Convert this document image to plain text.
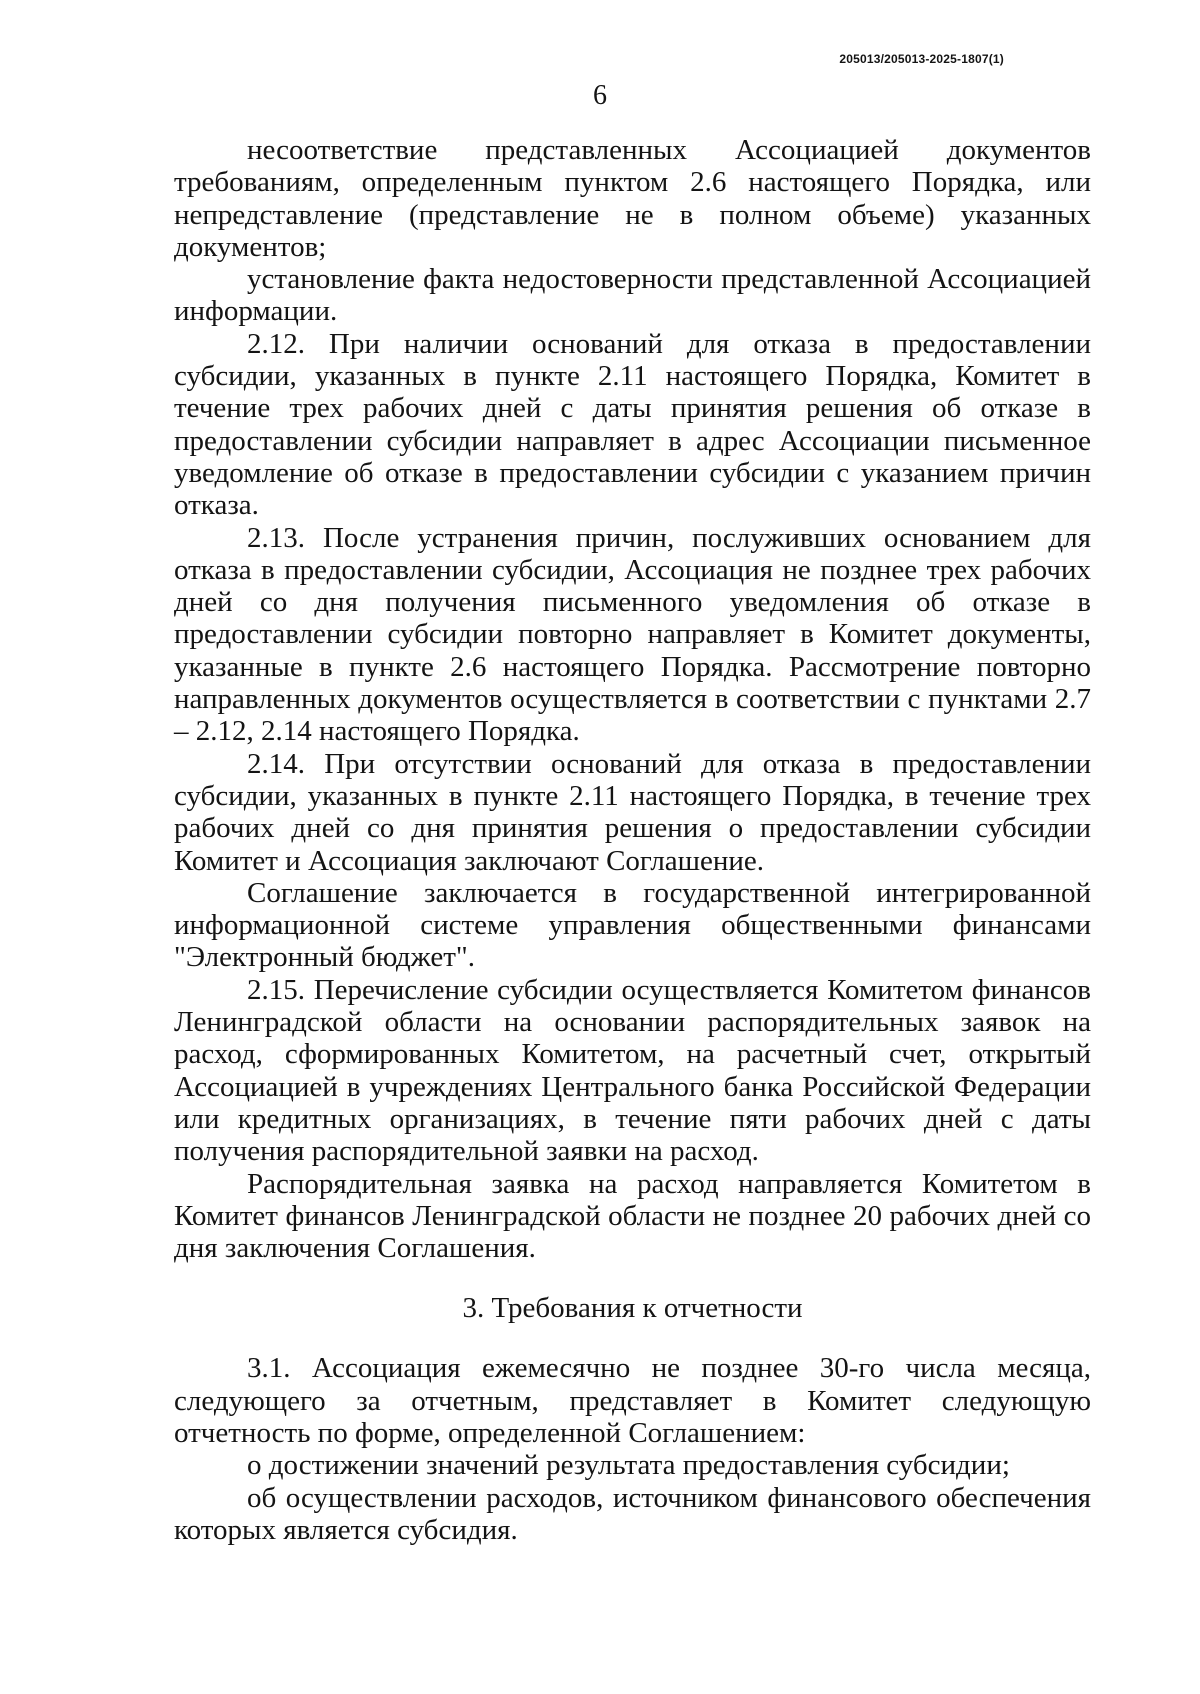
205013/205013-2025-1807(1)
6

несоответствие представленных Ассоциацией документов требованиям, определенным пунктом 2.6 настоящего Порядка, или непредставление (представление не в полном объеме) указанных документов;

установление факта недостоверности представленной Ассоциацией информации.

2.12. При наличии оснований для отказа в предоставлении субсидии, указанных в пункте 2.11 настоящего Порядка, Комитет в течение трех рабочих дней с даты принятия решения об отказе в предоставлении субсидии направляет в адрес Ассоциации письменное уведомление об отказе в предоставлении субсидии с указанием причин отказа.

2.13. После устранения причин, послуживших основанием для отказа в предоставлении субсидии, Ассоциация не позднее трех рабочих дней со дня получения письменного уведомления об отказе в предоставлении субсидии повторно направляет в Комитет документы, указанные в пункте 2.6 настоящего Порядка. Рассмотрение повторно направленных документов осуществляется в соответствии с пунктами 2.7 – 2.12, 2.14 настоящего Порядка.

2.14. При отсутствии оснований для отказа в предоставлении субсидии, указанных в пункте 2.11 настоящего Порядка, в течение трех рабочих дней со дня принятия решения о предоставлении субсидии Комитет и Ассоциация заключают Соглашение.

Соглашение заключается в государственной интегрированной информационной системе управления общественными финансами "Электронный бюджет".

2.15. Перечисление субсидии осуществляется Комитетом финансов Ленинградской области на основании распорядительных заявок на расход, сформированных Комитетом, на расчетный счет, открытый Ассоциацией в учреждениях Центрального банка Российской Федерации или кредитных организациях, в течение пяти рабочих дней с даты получения распорядительной заявки на расход.

Распорядительная заявка на расход направляется Комитетом в Комитет финансов Ленинградской области не позднее 20 рабочих дней со дня заключения Соглашения.

3. Требования к отчетности

3.1. Ассоциация ежемесячно не позднее 30-го числа месяца, следующего за отчетным, представляет в Комитет следующую отчетность по форме, определенной Соглашением:

о достижении значений результата предоставления субсидии;

об осуществлении расходов, источником финансового обеспечения которых является субсидия.
